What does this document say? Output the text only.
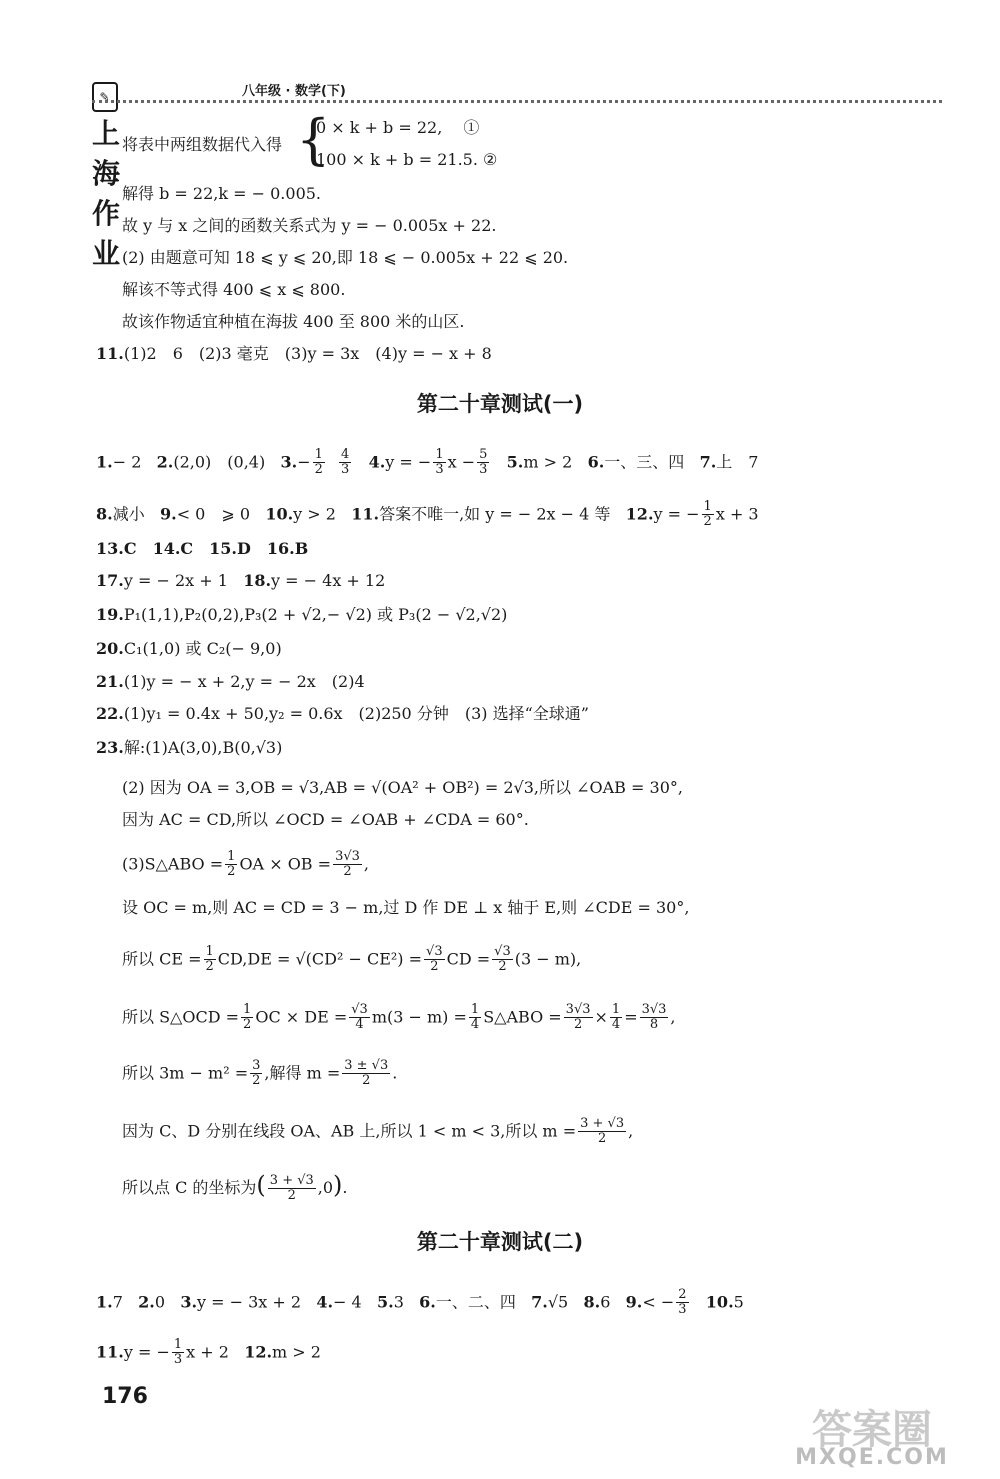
✎上海作业
八年级 · 数学(下)
将表中两组数据代入得 {
0 × k + b = 22,　 ①
100 × k + b = 21.5. ②
解得 b = 22,k = − 0.005.
故 y 与 x 之间的函数关系式为 y = − 0.005x + 22.
(2) 由题意可知 18 ⩽ y ⩽ 20,即 18 ⩽ − 0.005x + 22 ⩽ 20.
解该不等式得 400 ⩽ x ⩽ 800.
故该作物适宜种植在海拔 400 至 800 米的山区.
11.(1)2　6　(2)3 毫克　(3)y = 3x　(4)y = − x + 8
第二十章测试(一)
1.− 2 2.(2,0)　(0,4) $3.- \frac{1}{2}$
$\frac{4}{3} 4.y$ = − $\frac{1}{3}$ $x - \frac{5}{3} 5.m > 2$ 6.一、三、四 7.上　7
8.减小 9.< 0　⩾ 0 10.y > 2 11.答案不唯一,如 y = − 2x − 4 等 12.y = − $\frac{1}{2}$ x + 3
13.C　14.C　15.D　16.B
17.y = − 2x + 1 18.y = − 4x + 12
19.P₁(1,1),P₂(0,2),P₃(2 + √2,− √2) 或 P₃(2 − √2,√2)
20.C₁(1,0) 或 C₂(− 9,0)
21.(1)y = − x + 2,y = − 2x　(2)4
22.(1)y₁ = 0.4x + 50,y₂ = 0.6x　(2)250 分钟　(3) 选择“全球通”
23.解:(1)A(3,0),B(0,√3)
(2) 因为 OA = 3,OB = √3,AB = √(OA² + OB²) = 2√3,所以 ∠OAB = 30°,
因为 AC = CD,所以 ∠OCD = ∠OAB + ∠CDA = 60°.
(3)S△ABO = $\frac{1}{2}$ OA × OB = $\frac{3√3}{2}$ ,
设 OC = m,则 AC = CD = 3 − m,过 D 作 DE ⊥ x 轴于 E,则 ∠CDE = 30°,
所以 CE = $\frac{1}{2} CD,DE = √(CD^2 - CE^2) = \frac{√3}{2}$ CD = $\frac{√3}{2} (3 - m)$,
所以 S△OCD = $\frac{1}{2}$ OC × DE = $\frac{√3}{4} m(3 - m) = \frac{1}{4}$ S△ABO = $\frac{3√3}{2} \times \frac{1}{4} = \frac{3√3}{8}$ ,
所以 $3m - m^2 = \frac{3}{2}$ ,解得 $m = \frac{3 \pm √3}{2}$ .
因为 C、D 分别在线段 OA、AB 上,所以 1 < m < 3,所以 $m = \frac{3 + √3}{2}$ ,
所以点 C 的坐标为( $\frac{3 + √3}{2} ,0$).
第二十章测试(二)
1.7 2.0 3.y = − 3x + 2 4.− 4 5.3 6.一、二、四 7.√5 8.6 $9.< - \frac{2}{3} 10.5$
11.y = − $\frac{1}{3}$ x + 2 12.m > 2
176
答案圈
MXQE.COM
